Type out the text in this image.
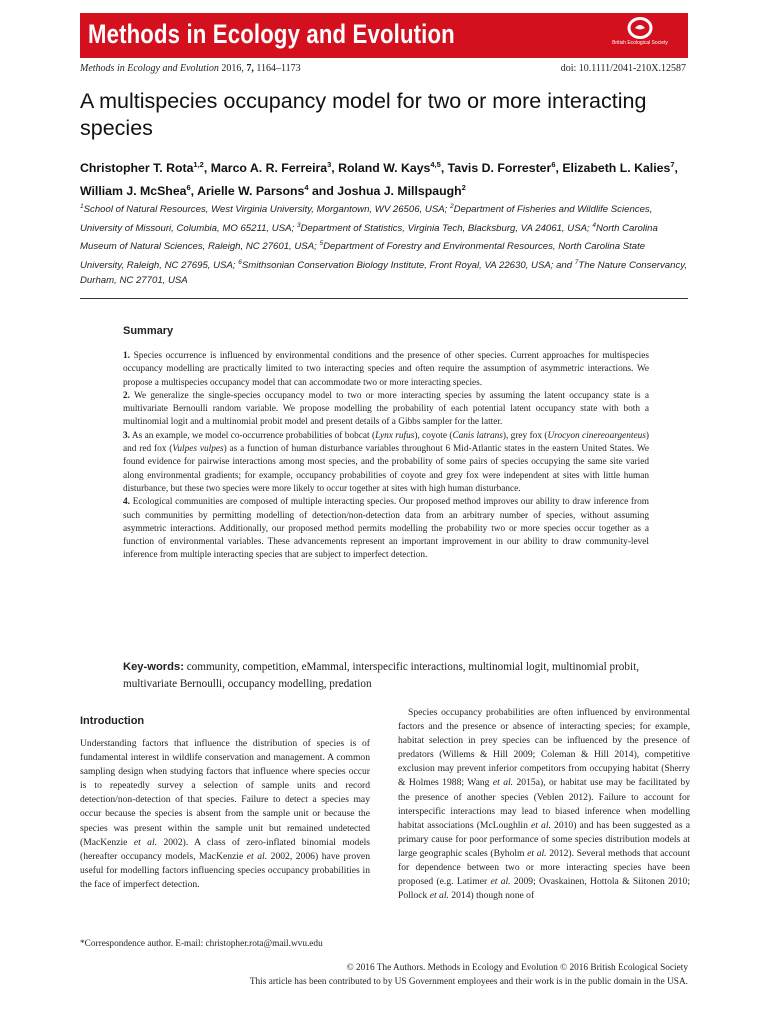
Methods in Ecology and Evolution	British Ecological Society
Methods in Ecology and Evolution 2016, 7, 1164–1173	doi: 10.1111/2041-210X.12587
A multispecies occupancy model for two or more interacting species
Christopher T. Rota$^{1,2}$, Marco A. R. Ferreira$^3$, Roland W. Kays$^{4,5}$, Tavis D. Forrester$^6$, Elizabeth L. Kalies$^7$, William J. McShea$^6$, Arielle W. Parsons$^4$ and Joshua J. Millspaugh$^2$
$^1$School of Natural Resources, West Virginia University, Morgantown, WV 26506, USA; $^2$Department of Fisheries and Wildlife Sciences, University of Missouri, Columbia, MO 65211, USA; $^3$Department of Statistics, Virginia Tech, Blacksburg, VA 24061, USA; $^4$North Carolina Museum of Natural Sciences, Raleigh, NC 27601, USA; $^5$Department of Forestry and Environmental Resources, North Carolina State University, Raleigh, NC 27695, USA; $^6$Smithsonian Conservation Biology Institute, Front Royal, VA 22630, USA; and $^7$The Nature Conservancy, Durham, NC 27701, USA
Summary

1. Species occurrence is influenced by environmental conditions and the presence of other species. Current approaches for multispecies occupancy modelling are practically limited to two interacting species and often require the assumption of asymmetric interactions. We propose a multispecies occupancy model that can accommodate two or more interacting species.

2. We generalize the single-species occupancy model to two or more interacting species by assuming the latent occupancy state is a multivariate Bernoulli random variable. We propose modelling the probability of each potential latent occupancy state with both a multinomial logit and a multinomial probit model and present details of a Gibbs sampler for the latter.

3. As an example, we model co-occurrence probabilities of bobcat (Lynx rufus), coyote (Canis latrans), grey fox (Urocyon cinereoargenteus) and red fox (Vulpes vulpes) as a function of human disturbance variables throughout 6 Mid-Atlantic states in the eastern United States. We found evidence for pairwise interactions among most species, and the probability of some pairs of species occupying the same site varied along environmental gradients; for example, occupancy probabilities of coyote and grey fox were independent at sites with little human disturbance, but these two species were more likely to occur together at sites with high human disturbance.

4. Ecological communities are composed of multiple interacting species. Our proposed method improves our ability to draw inference from such communities by permitting modelling of detection/non-detection data from an arbitrary number of species, without assuming asymmetric interactions. Additionally, our proposed method permits modelling the probability two or more species occur together as a function of environmental variables. These advancements represent an important improvement in our ability to draw community-level inference from multiple interacting species that are subject to imperfect detection.

Key-words: community, competition, eMammal, interspecific interactions, multinomial logit, multinomial probit, multivariate Bernoulli, occupancy modelling, predation
Introduction
Understanding factors that influence the distribution of species is of fundamental interest in wildlife conservation and management. A common sampling design when studying factors that influence where species occur is to repeatedly survey a selection of sample units and record detection/non-detection of that species. Failure to detect a species may occur because the species is absent from the sample unit or because the species was present within the sample unit but remained undetected (MacKenzie et al. 2002). A class of zero-inflated binomial models (hereafter occupancy models, MacKenzie et al. 2002, 2006) have proven useful for modelling factors influencing species occupancy probabilities in the face of imperfect detection.
*Correspondence author. E-mail: christopher.rota@mail.wvu.edu

Species occupancy probabilities are often influenced by environmental factors and the presence or absence of interacting species; for example, habitat selection in prey species can be influenced by the presence of predators (Willems & Hill 2009; Coleman & Hill 2014), competitive exclusion may prevent inferior competitors from occupying habitat (Sherry & Holmes 1988; Wang et al. 2015a), or habitat use may be facilitated by the presence of another species (Veblen 2012). Failure to account for interspecific interactions may lead to biased inference when modelling habitat associations (McLoughlin et al. 2010) and has been suggested as a primary cause for poor performance of some species distribution models at large geographic scales (Byholm et al. 2012). Several methods that account for dependence between two or more interacting species have been proposed (e.g. Latimer et al. 2009; Ovaskainen, Hottola & Siitonen 2010; Pollock et al. 2014) though none of

© 2016 The Authors. Methods in Ecology and Evolution © 2016 British Ecological Society
This article has been contributed to by US Government employees and their work is in the public domain in the USA.
